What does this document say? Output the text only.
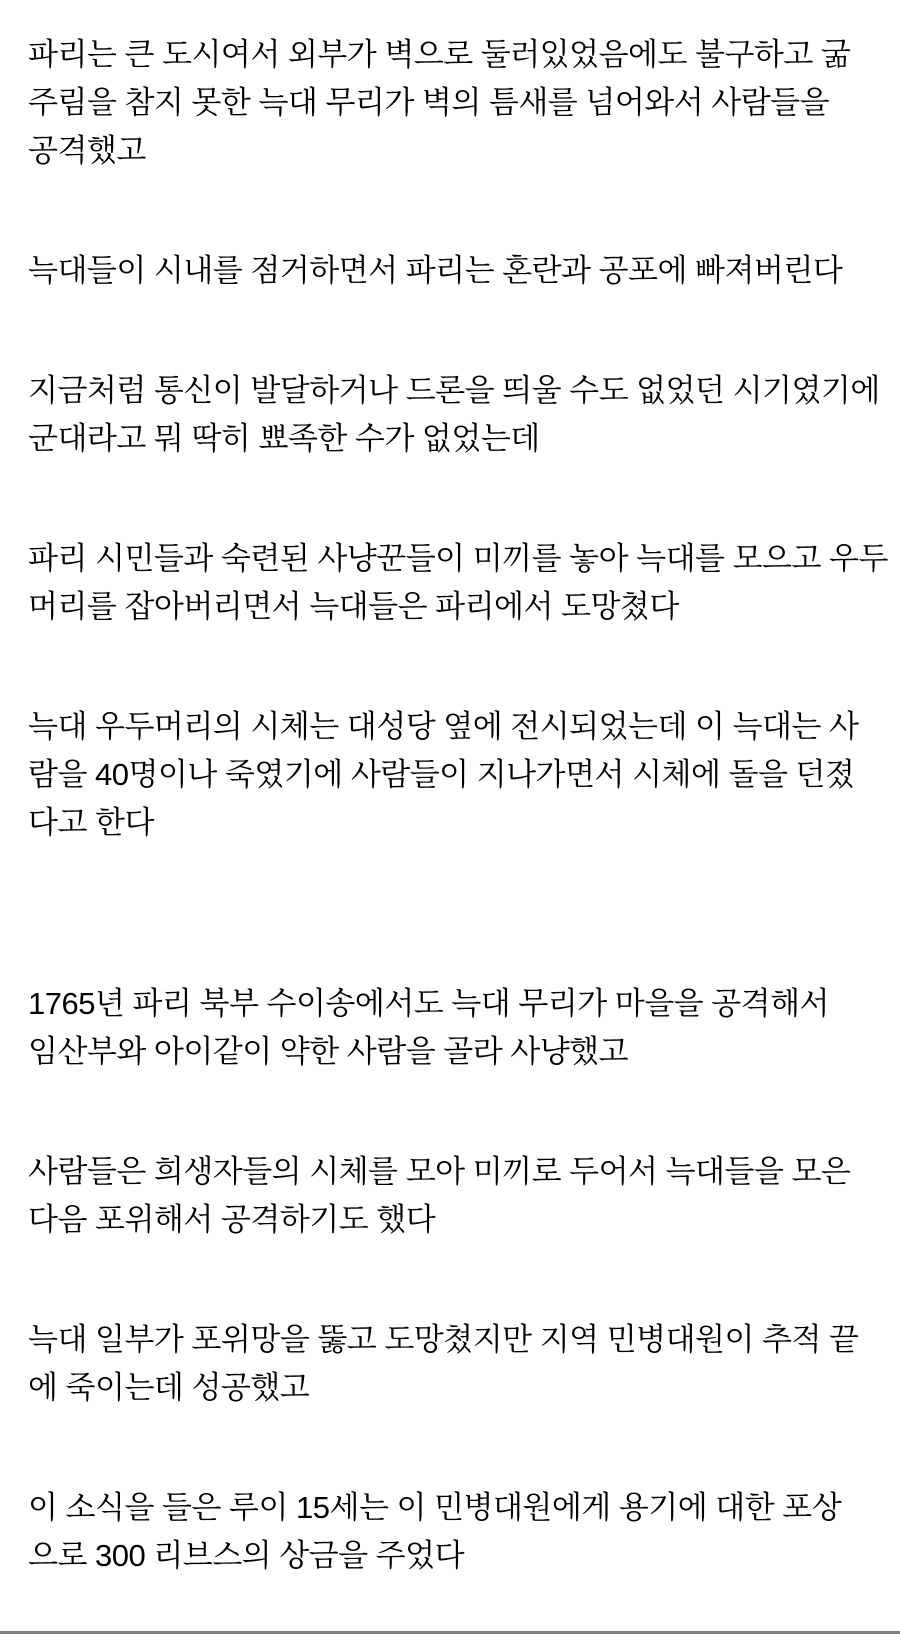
파리는 큰 도시여서 외부가 벽으로 둘러있었음에도 불구하고 굶
주림을 참지 못한 늑대 무리가 벽의 틈새를 넘어와서 사람들을
공격했고

늑대들이 시내를 점거하면서 파리는 혼란과 공포에 빠져버린다

지금처럼 통신이 발달하거나 드론을 띄울 수도 없었던 시기였기에
군대라고 뭐 딱히 뾰족한 수가 없었는데

파리 시민들과 숙련된 사냥꾼들이 미끼를 놓아 늑대를 모으고 우두
머리를 잡아버리면서 늑대들은 파리에서 도망쳤다

늑대 우두머리의 시체는 대성당 옆에 전시되었는데 이 늑대는 사
람을 40명이나 죽였기에 사람들이 지나가면서 시체에 돌을 던졌
다고 한다

1765년 파리 북부 수이송에서도 늑대 무리가 마을을 공격해서
임산부와 아이같이 약한 사람을 골라 사냥했고

사람들은 희생자들의 시체를 모아 미끼로 두어서 늑대들을 모은
다음 포위해서 공격하기도 했다

늑대 일부가 포위망을 뚫고 도망쳤지만 지역 민병대원이 추적 끝
에 죽이는데 성공했고

이 소식을 들은 루이 15세는 이 민병대원에게 용기에 대한 포상
으로 300 리브스의 상금을 주었다
